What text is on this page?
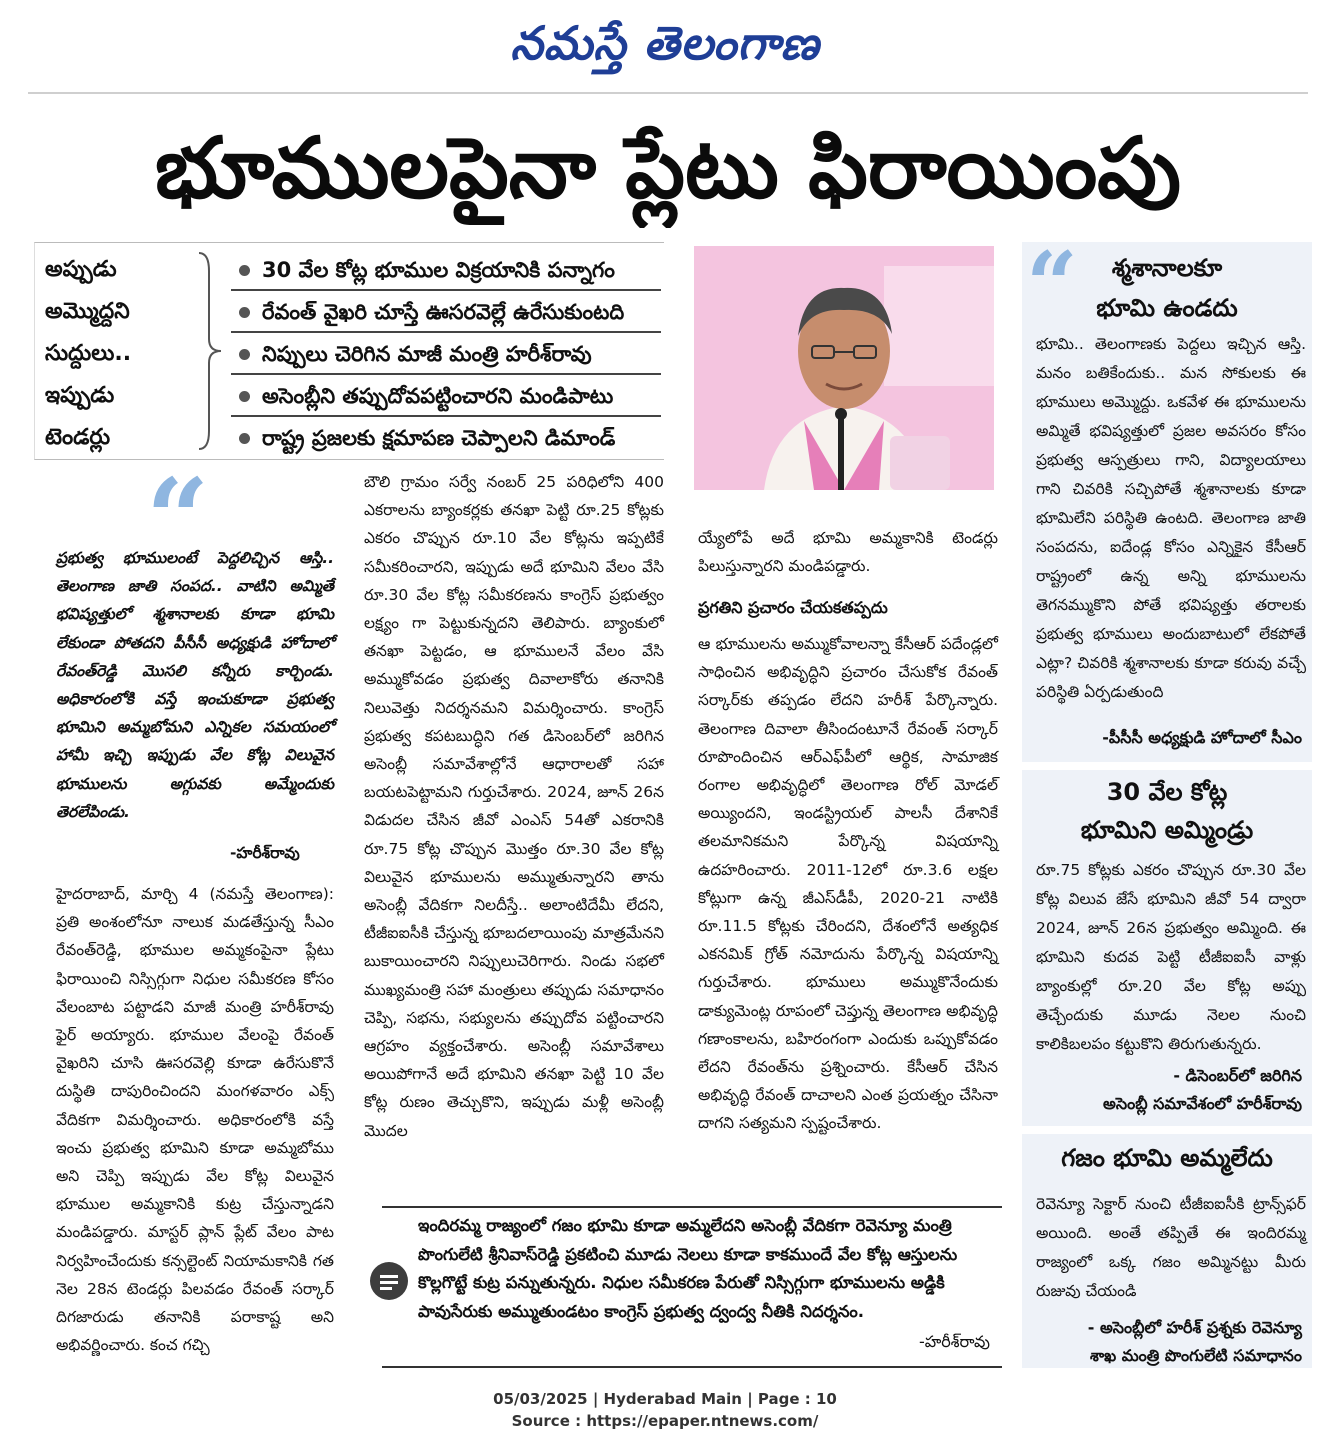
నమస్తే తెలంగాణ
భూములపైనా ప్లేటు ఫిరాయింపు
అప్పుడు
అమ్మొద్దని
సుద్దులు..
ఇప్పుడు
టెండర్లు
30 వేల కోట్ల భూముల విక్రయానికి పన్నాగం
రేవంత్ వైఖరి చూస్తే ఊసరవెల్లే ఉరేసుకుంటది
నిప్పులు చెరిగిన మాజీ మంత్రి హరీశ్‌రావు
అసెంబ్లీని తప్పుదోవపట్టించారని మండిపాటు
రాష్ట్ర ప్రజలకు క్షమాపణ చెప్పాలని డిమాండ్
“	శ్మశానాలకూ
భూమి ఉండదు
భూమి.. తెలంగాణకు పెద్దలు ఇచ్చిన ఆస్తి. మనం బతికేందుకు.. మన సోకులకు ఈ భూములు అమ్మొద్దు. ఒకవేళ ఈ భూములను అమ్మితే భవిష్యత్తులో ప్రజల అవసరం కోసం ప్రభుత్వ ఆస్పత్రులు గాని, విద్యాలయాలు గాని చివరికి సచ్చిపోతే శ్మశానాలకు కూడా భూమిలేని పరిస్థితి ఉంటది. తెలంగాణ జాతి సంపదను, ఐదేండ్ల కోసం ఎన్నికైన కేసీఆర్ రాష్ట్రంలో ఉన్న అన్ని భూములను తెగనమ్ముకొని పోతే భవిష్యత్తు తరాలకు ప్రభుత్వ భూములు అందుబాటులో లేకపోతే ఎట్లా? చివరికి శ్మశానాలకు కూడా కరువు వచ్చే పరిస్థితి ఏర్పడుతుంది
-పీసీసీ అధ్యక్షుడి హోదాలో సీఎం
30 వేల కోట్ల
భూమిని అమ్మిండ్రు
రూ.75 కోట్లకు ఎకరం చొప్పున రూ.30 వేల కోట్ల విలువ జేసే భూమిని జీవో 54 ద్వారా 2024, జూన్ 26న ప్రభుత్వం అమ్మింది. ఈ భూమిని కుదవ పెట్టి టీజీఐఐసీ వాళ్లు బ్యాంకుల్లో రూ.20 వేల కోట్ల అప్పు తెచ్చేందుకు మూడు నెలల నుంచి కాలికిబలపం కట్టుకొని తిరుగుతున్నరు.
- డిసెంబర్‌లో జరిగిన
అసెంబ్లీ సమావేశంలో హరీశ్‌రావు
గజం భూమి అమ్మలేదు
రెవెన్యూ సెక్టార్ నుంచి టీజీఐఐసీకి ట్రాన్స్‌ఫర్ అయింది. అంతే తప్పితే ఈ ఇందిరమ్మ రాజ్యంలో ఒక్క గజం అమ్మినట్టు మీరు రుజువు చేయండి
- అసెంబ్లీలో హరీశ్ ప్రశ్నకు రెవెన్యూ
శాఖ మంత్రి పొంగులేటి సమాధానం
“
ప్రభుత్వ భూములంటే పెద్దలిచ్చిన ఆస్తి.. తెలంగాణ జాతి సంపద.. వాటిని అమ్మితే భవిష్యత్తులో శ్మశానాలకు కూడా భూమి లేకుండా పోతదని పీసీసీ అధ్యక్షుడి హోదాలో రేవంత్‌రెడ్డి మొసలి కన్నీరు కార్చిండు. అధికారంలోకి వస్తే ఇంచుకూడా ప్రభుత్వ భూమిని అమ్మబోమని ఎన్నికల సమయంలో హామీ ఇచ్చి ఇప్పుడు వేల కోట్ల విలువైన భూములను అగ్గువకు అమ్మేందుకు తెరలేపిండు.
-హరీశ్‌రావు
హైదరాబాద్, మార్చి 4 (నమస్తే తెలంగాణ): ప్రతి అంశంలోనూ నాలుక మడతేస్తున్న సీఎం రేవంత్‌రెడ్డి, భూముల అమ్మకంపైనా ప్లేటు ఫిరాయించి నిస్సిగ్గుగా నిధుల సమీకరణ కోసం వేలంబాట పట్టాడని మాజీ మంత్రి హరీశ్‌రావు ఫైర్ అయ్యారు. భూముల వేలంపై రేవంత్ వైఖరిని చూసి ఊసరవెల్లి కూడా ఉరేసుకొనే దుస్థితి దాపురించిందని మంగళవారం ఎక్స్ వేదికగా విమర్శించారు. అధికారంలోకి వస్తే ఇంచు ప్రభుత్వ భూమిని కూడా అమ్మబోము అని చెప్పి ఇప్పుడు వేల కోట్ల విలువైన భూముల అమ్మకానికి కుట్ర చేస్తున్నాడని మండిపడ్డారు. మాస్టర్ ప్లాన్ ప్లేట్ వేలం పాట నిర్వహించేందుకు కన్సల్టెంట్ నియామకానికి గత నెల 28న టెండర్లు పిలవడం రేవంత్ సర్కార్ దిగజారుడు తనానికి పరాకాష్ట అని అభివర్ణించారు. కంచ గచ్చి
బౌలి గ్రామం సర్వే నంబర్ 25 పరిధిలోని 400 ఎకరాలను బ్యాంకర్లకు తనఖా పెట్టి రూ.25 కోట్లకు ఎకరం చొప్పున రూ.10 వేల కోట్లను ఇప్పటికే సమీకరించారని, ఇప్పుడు అదే భూమిని వేలం వేసి రూ.30 వేల కోట్ల సమీకరణను కాంగ్రెస్ ప్రభుత్వం లక్ష్యం గా పెట్టుకున్నదని తెలిపారు. బ్యాంకులో తనఖా పెట్టడం, ఆ భూములనే వేలం వేసి అమ్ముకోవడం ప్రభుత్వ దివాలాకోరు తనానికి నిలువెత్తు నిదర్శనమని విమర్శించారు. కాంగ్రెస్ ప్రభుత్వ కపటబుద్ధిని గత డిసెంబర్‌లో జరిగిన అసెంబ్లీ సమావేశాల్లోనే ఆధారాలతో సహా బయటపెట్టామని గుర్తుచేశారు. 2024, జూన్ 26న విడుదల చేసిన జీవో ఎంఎస్ 54తో ఎకరానికి రూ.75 కోట్ల చొప్పున మొత్తం రూ.30 వేల కోట్ల విలువైన భూములను అమ్ముతున్నారని తాను అసెంబ్లీ వేదికగా నిలదీస్తే.. అలాంటిదేమీ లేదని, టీజీఐఐసీకి చేస్తున్న భూబదలాయింపు మాత్రమేనని బుకాయించారని నిప్పులుచెరిగారు. నిండు సభలో ముఖ్యమంత్రి సహా మంత్రులు తప్పుడు సమాధానం చెప్పి, సభను, సభ్యులను తప్పుదోవ పట్టించారని ఆగ్రహం వ్యక్తంచేశారు. అసెంబ్లీ సమావేశాలు అయిపోగానే అదే భూమిని తనఖా పెట్టి 10 వేల కోట్ల రుణం తెచ్చుకొని, ఇప్పుడు మళ్లీ అసెంబ్లీ మొదల
య్యేలోపే అదే భూమి అమ్మకానికి టెండర్లు పిలుస్తున్నారని మండిపడ్డారు.
ప్రగతిని ప్రచారం చేయకతప్పదు
ఆ భూములను అమ్ముకోవాలన్నా కేసీఆర్ పదేండ్లలో సాధించిన అభివృద్ధిని ప్రచారం చేసుకోక రేవంత్ సర్కార్‌కు తప్పడం లేదని హరీశ్ పేర్కొన్నారు. తెలంగాణ దివాలా తీసిందంటూనే రేవంత్ సర్కార్ రూపొందించిన ఆర్‌ఎఫ్‌పీలో ఆర్థిక, సామాజిక రంగాల అభివృద్ధిలో తెలంగాణ రోల్ మోడల్ అయ్యిందని, ఇండస్ట్రియల్ పాలసీ దేశానికే తలమానికమని పేర్కొన్న విషయాన్ని ఉదహరించారు. 2011-12లో రూ.3.6 లక్షల కోట్లుగా ఉన్న జీఎస్‌డీపీ, 2020-21 నాటికి రూ.11.5 కోట్లకు చేరిందని, దేశంలోనే అత్యధిక ఎకనమిక్ గ్రోత్ నమోదును పేర్కొన్న విషయాన్ని గుర్తుచేశారు. భూములు అమ్ముకొనేందుకు డాక్యుమెంట్ల రూపంలో చెప్తున్న తెలంగాణ అభివృద్ధి గణాంకాలను, బహిరంగంగా ఎందుకు ఒప్పుకోవడం లేదని రేవంత్‌ను ప్రశ్నించారు. కేసీఆర్ చేసిన అభివృద్ధి రేవంత్ దాచాలని ఎంత ప్రయత్నం చేసినా దాగని సత్యమని స్పష్టంచేశారు.
ఇందిరమ్మ రాజ్యంలో గజం భూమి కూడా అమ్మలేదని అసెంబ్లీ వేదికగా రెవెన్యూ మంత్రి పొంగులేటి శ్రీనివాస్‌రెడ్డి ప్రకటించి మూడు నెలలు కూడా కాకముందే వేల కోట్ల ఆస్తులను కొల్లగొట్టే కుట్ర పన్నుతున్నరు. నిధుల సమీకరణ పేరుతో నిస్సిగ్గుగా భూములను అడ్డికి పావుసేరుకు అమ్ముతుండటం కాంగ్రెస్ ప్రభుత్వ ద్వంద్వ నీతికి నిదర్శనం.
-హరీశ్‌రావు
05/03/2025 | Hyderabad Main | Page : 10
Source : https://epaper.ntnews.com/
